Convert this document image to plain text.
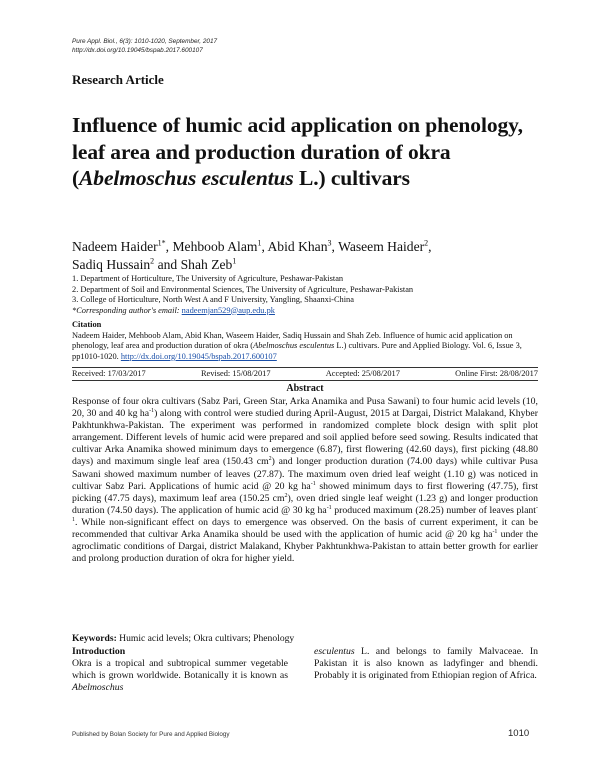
Pure Appl. Biol., 6(3): 1010-1020, September, 2017
http://dx.doi.org/10.19045/bspab.2017.600107
Research Article
Influence of humic acid application on phenology, leaf area and production duration of okra (Abelmoschus esculentus L.) cultivars
Nadeem Haider$^{1*}$, Mehboob Alam$^1$, Abid Khan$^3$, Waseem Haider$^2$,
Sadiq Hussain$^2$ and Shah Zeb$^1$
1. Department of Horticulture, The University of Agriculture, Peshawar-Pakistan
2. Department of Soil and Environmental Sciences, The University of Agriculture, Peshawar-Pakistan
3. College of Horticulture, North West A and F University, Yangling, Shaanxi-China
*Corresponding author's email: nadeemjan529@aup.edu.pk
Citation
Nadeem Haider, Mehboob Alam, Abid Khan, Waseem Haider, Sadiq Hussain and Shah Zeb. Influence of humic acid application on phenology, leaf area and production duration of okra (Abelmoschus esculentus L.) cultivars. Pure and Applied Biology. Vol. 6, Issue 3, pp1010-1020. http://dx.doi.org/10.19045/bspab.2017.600107
Received: 17/03/2017	Revised: 15/08/2017	Accepted: 25/08/2017	Online First: 28/08/2017
Abstract
Response of four okra cultivars (Sabz Pari, Green Star, Arka Anamika and Pusa Sawani) to four humic acid levels (10, 20, 30 and 40 kg $ha^{-1}$) along with control were studied during April-August, 2015 at Dargai, District Malakand, Khyber Pakhtunkhwa-Pakistan. The experiment was performed in randomized complete block design with split plot arrangement. Different levels of humic acid were prepared and soil applied before seed sowing. Results indicated that cultivar Arka Anamika showed minimum days to emergence (6.87), first flowering (42.60 days), first picking (48.80 days) and maximum single leaf area (150.43 $cm^2$) and longer production duration (74.00 days) while cultivar Pusa Sawani showed maximum number of leaves (27.87). The maximum oven dried leaf weight (1.10 g) was noticed in cultivar Sabz Pari. Applications of humic acid @ 20 kg $ha^{-1}$ showed minimum days to first flowering (47.75), first picking (47.75 days), maximum leaf area (150.25 $cm^2$), oven dried single leaf weight (1.23 g) and longer production duration (74.50 days). The application of humic acid @ 30 kg $ha^{-1}$ produced maximum (28.25) number of leaves plant$^{-1}$. While non-significant effect on days to emergence was observed. On the basis of current experiment, it can be recommended that cultivar Arka Anamika should be used with the application of humic acid @ 20 kg $ha^{-1}$ under the agroclimatic conditions of Dargai, district Malakand, Khyber Pakhtunkhwa-Pakistan to attain better growth for earlier and prolong production duration of okra for higher yield.
Keywords: Humic acid levels; Okra cultivars; Phenology
Introduction
Okra is a tropical and subtropical summer vegetable which is grown worldwide. Botanically it is known as Abelmoschus
esculentus L. and belongs to family Malvaceae. In Pakistan it is also known as ladyfinger and bhendi. Probably it is originated from Ethiopian region of Africa.
Published by Bolan Society for Pure and Applied Biology	1010
